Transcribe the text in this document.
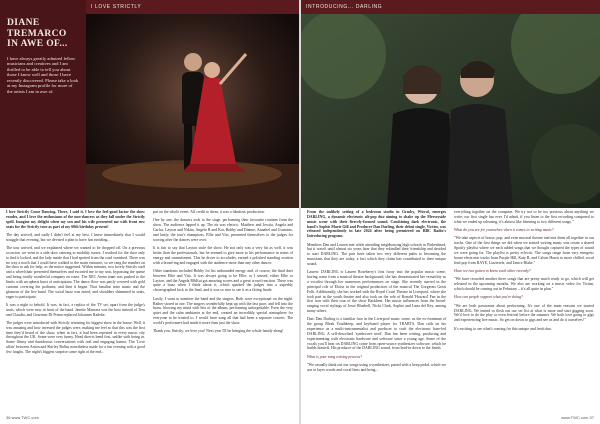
DIANE TREMARCO IN AWE OF...

I have always greatly admired fellow musicians and creatives and I am thrilled to be able to tell you about those I know well and those I have recently discovered. Please take a look at my Instagram profile for more of the artists I am in awe of.

I LOVE STRICTLY

I love Strictly Come Dancing. There, I said it. I love the feel-good factor the show exudes, and I love the enthusiasm of the non-dancers as they fall under the Strictly spell. Imagine my delight when my son and his wife presented me with front row seats for the Strictly tour as part of my 60th birthday present!

The day arrived, and sadly I didn't feel at my best, I knew immediately that I would struggle that evening, but we devised a plan to have fun avoiding...

The tour arrived, and we explained where we wanted to be dropped off. On a previous occasion, we went to a side door catering to mobility issues. I reached for the door only to find it locked, and the lady inside that I had spotted from the road vanished. There was no way a north that I could have walked to the main entrance, so we rang the number on the door to ask for help, as the notice suggested. Within minutes, two lovely Strictly staff and a wheelchair presented themselves and escorted me to my seat, bypassing the queue and being totally wonderful company en route. The NEC Arena team was pushed to the limits with an upbeat burst of anticipation. The dance floor was partly covered with gold curtains covering the podiums, and then it began. That familiar intro music and the glamour of the live band. The social buzz was noted, and shoulders shimmied in seats, eager to participate.

It was a night to behold. It was, in fact, a replica of the TV set, apart from the judge's seats, which were now in front of the band. Janette Manrara was the host instead of Tess and Claudia, and Graziano Di Prima replaced Johannes Radebe.

The judges were introduced with Strictly returning for biggest show in the house. Well, it was amazing and how invested the judges were, making me feel so that this was the first time they'd heard of the show, when in fact, it had been repeated in every music city throughout the UK. Some were very funny. Head directs bend first, unlike with being in. Some flimsy and thunderous conversations with real and engaging humor. The 'Love affair' between Anton and Shirley Ballas nonetheless made for a fun evening with a good few laughs. The night's biggest surprise came right at the end...

put on the whole event. All credit to them, it was a fabulous production.

One by one, the dancers took to the stage, performing their favourite routines from the show. The audience lapped it up. The air was electric. Matthew and Jowita, Angela and Carlos, Layton and Nikita, Angela R and Kai, Bobby and Dianne, Annabel and Graziano, and lastly, the tour's champions, Ellie and Vito, presented themselves to the judges for scoring after the dances were over.

It is fair to say that Layton stole the show. He not only was a very hit as well, it was better than the professionals, but he seemed to give more to his performance in terms of energy and commitment. This he drove to accolades, earned a polished standing ovation with a broad-ing and engaged with the audience more than any other dancer.

Other standouts included Bobby for his unbounded energy and, of course, the final duet between Ellie and Vito. It was always going to be Ellie, or I sensed, either Ellie or Layton, and the Angela R&Kai got amazing scores and a great crowd reaction. There was quite a buzz when I think about it, which sparked the judges into a superbly choreographed kick to the final, and it was so nice to see it as a fitting finale.

Lastly, I want to mention the band and the singers. Both were exceptional on the night. Rather stored in one. The singers wonderfully kept up with the fast pace, and fell into the brass, blowing my mind with bits of the album, performing unforgettable. Even the very quiet and the calm ambiance at the end, created an incredibly special atmosphere for everyone to be treated to. I would have sang all that had been a separate concert. The world's performers had made it more than just the show.

Thank you, Strictly, we love you! Next year I'll be bringing the whole family along!

36 www.TWC.com
INTRODUCING... DARLING

From the unlikely setting of a bedroom studio in Grasby, Wirral, emerges DARLING, a dynamic electronic alt-pop duo aiming to shake up the Merseyside music scene with their fiercely-formed sound. Combining dark electronic, the band's Sophie Marie Gill and Producer Dan Darling, their debut single, Victim, was released independently in late 2024 after being premiered on BBC Radio's Introducing program.

Members Dan and Lauren met while attending neighbouring high schools in Birkenhead, but it wasn't until almost six years later that they rekindled their friendship and decided to start DARLING. The pair have taken two very different paths to becoming the musicians that they are today, a fact which they claim has contributed to their unique sound.

Lauren: DARLING is Lauren Roseberry's first foray into the popular music scene, having come from a musical theatre background; she has demonstrated her versatility as a vocalist through her numerous performances on stage. She recently starred in the principal role of Eloise in the original production of the musical The Gorgeous Great Folk. Additionally, she has worked with the Royal Court Theatre in Liverpool, where she took part in the youth theatre and also took on the role of Ronald 'Howard' Fan in the first tour with their tour of the show Backbeat. Her music influences from the broad-ranging vocal stylings of Jesse Bluebell, Nicki Clark, Sophie and Lana del Rey, among many others.

Dan: Dan Darling is a familiar face in the Liverpool music scene, as the ex-frontman of the group Bleak Youthkeep, and keyboard player for TRABTS. Dan calls on his experience as a multi-instrumentalist and producer to craft the electronic base-led DARLING. A self-described 'synthwave nerd', Dan has been writing, producing and experimenting with electronic hardware and software since a young age. Some of the vocals you'll hear on DARLING come from open-source synthesizer software, which he builds himself. His producer of the DARLING sound, from lead-in down to the finish.

What is your song writing process?

"We casually think out our songs using a synthesizer, paired with a keep pedal, which we use to layer words and vocal lines and bring...

everything together on the computer. We try not to be too precious about anything we write; our first single has ever. I'd admit, if you listen to the first recording compared to what we ended up releasing, it's almost like listening to two different songs."

What do you see for yourselves when it comes to writing music?

"We take aspects of house, pop, and even musical theatre and mix them all together in our tracks. One of the first things we did when we started writing music was create a shared Spotify playlist where we each added songs that we thought captured the types of sound we were going for. The playlist is pretty eclectic. The songs range from very energetic house electronic tracks from Purple Hill, Katy B, and Calvin Harris to more chilled, vocal lead pop from RAYE, Lizzierels, and Janice Blake."

Have we two gotten to know each other recently?

"We have recorded another three songs that are pretty much ready to go, which will get released in the upcoming months. We also are working on a music video for Victim, which should be coming out in February – it's all quite in plan."

How can people support what you're doing?

"We are both passionate about performing. It's one of the main reasons we started DARLING. We intend to flesh out our set list at what is more and start gigging soon. We'd love to do the play or even festival before the summer. We both love going to gigs and experiencing live music. So get on down to gigs and see us and do it ourselves!"

It's exciting to see what's coming for this unique and fresh duo.

www.TWC.com 37
